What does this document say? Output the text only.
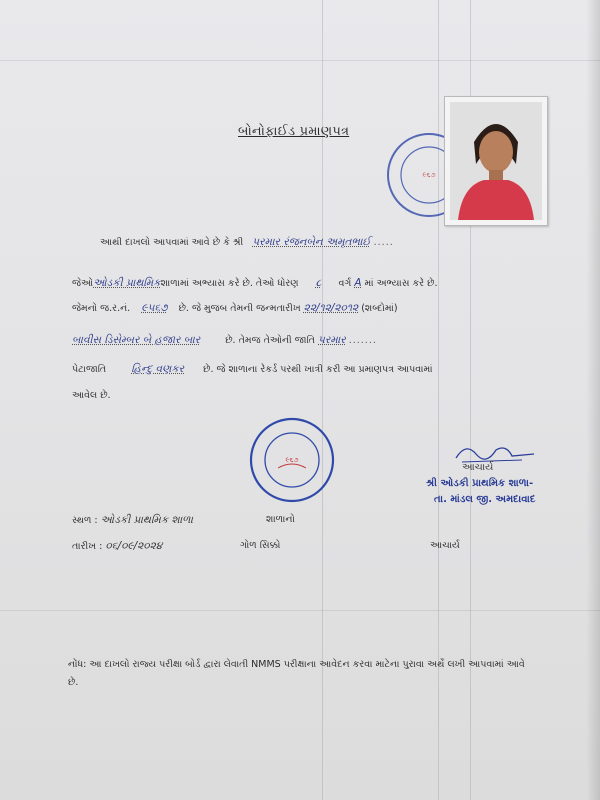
બોનોફાઈડ પ્રમાણપત્ર
૯૬૭
આથી દાખલો આપવામાં આવે છે કે શ્રી પરમાર રંજનબેન અમૃતભાઈ .....
જેઓઓડકી પ્રાથમિકશાળામાં અભ્યાસ કરે છે. તેઓ ધોરણ ૮ વર્ગ A માં અભ્યાસ કરે છે.
જેમનો જ.ર.નં. ૯૫૬૭ છે. જે મુજબ તેમની જન્મતારીખ ૨૨/૧૨/૨૦૧૨ (શબ્દોમાં)
બાવીસ ડિસેમ્બર બે હજાર બાર	છે. તેમજ તેઓની જાતિ પરમાર .......
પેટાજાતિ હિન્દુ વણકર છે. જે શાળાના રેકર્ડ પરથી ખાત્રી કરી આ પ્રમાણપત્ર આપવામાં
આવેલ છે.
૯૬૭
આચાર્ય
શ્રી ઓડકી પ્રાથમિક શાળા-
તા. માંડલ જી. અમદાવાદ
સ્થળ : ઓડકી પ્રાથમિક શાળા	શાળાનો
તારીખ : ૦૬/૦૯/૨૦૨૪	ગોળ સિક્કો	આચાર્ય
નોંધ: આ દાખલો રાજ્ય પરીક્ષા બોર્ડ દ્વારા લેવાતી NMMS પરીક્ષાના આવેદન કરવા માટેના પુરાવા અર્થે લખી આપવામાં આવે છે.
